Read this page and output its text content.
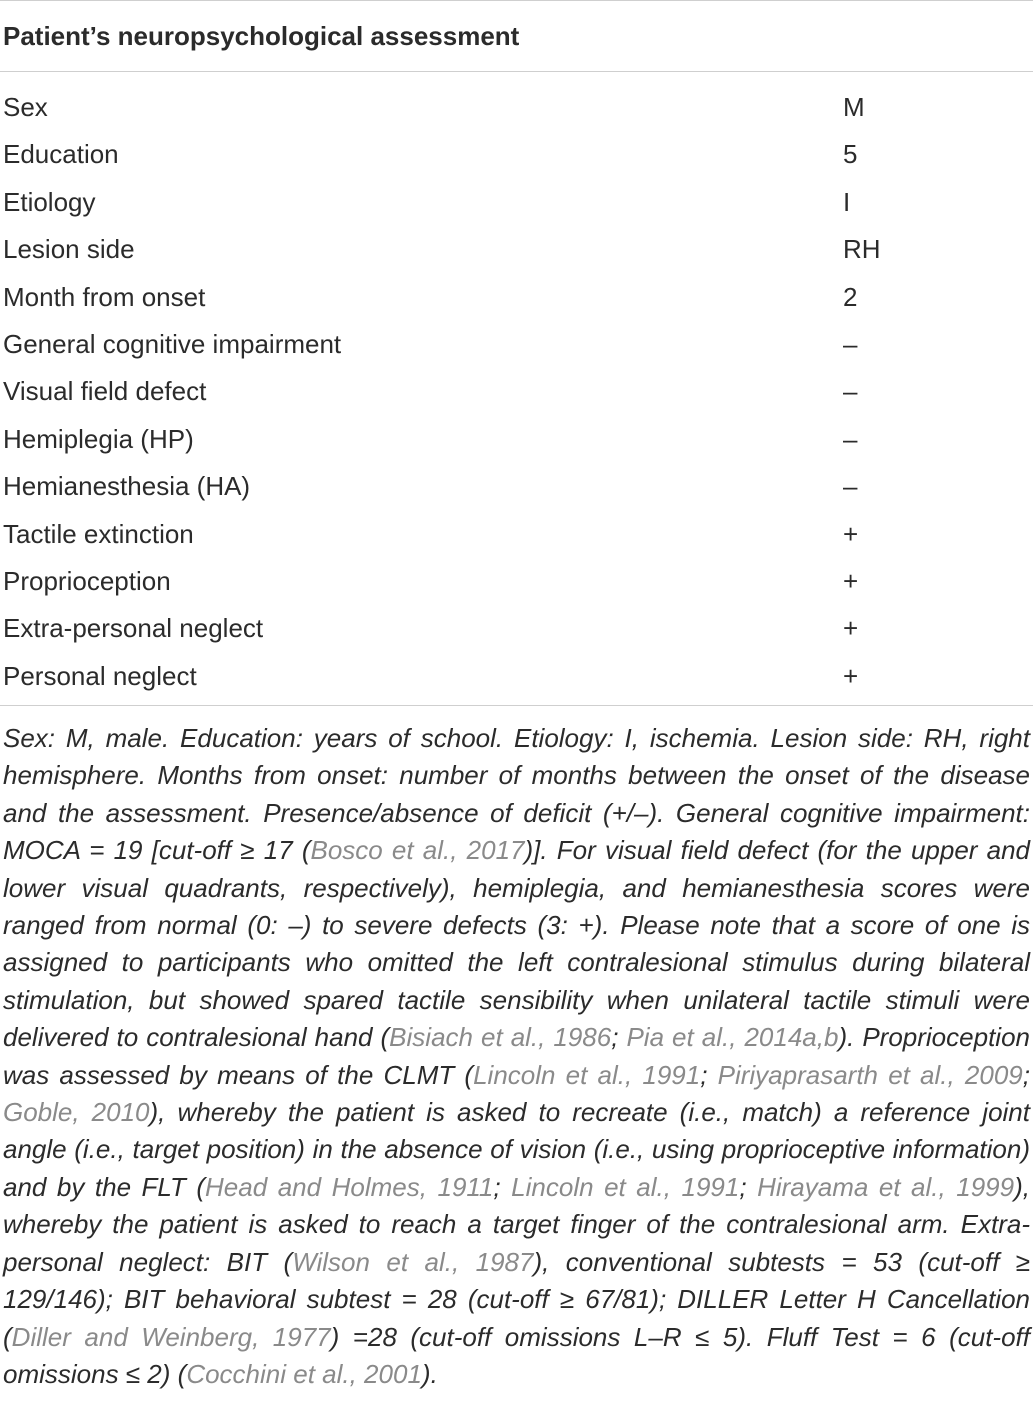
Patient’s neuropsychological assessment
Sex	M
Education	5
Etiology	I
Lesion side	RH
Month from onset	2
General cognitive impairment	–
Visual field defect	–
Hemiplegia (HP)	–
Hemianesthesia (HA)	–
Tactile extinction	+
Proprioception	+
Extra-personal neglect	+
Personal neglect	+
Sex: M, male. Education: years of school. Etiology: I, ischemia. Lesion side: RH, right hemisphere. Months from onset: number of months between the onset of the disease and the assessment. Presence/absence of deficit (+/–). General cognitive impairment: MOCA = 19 [cut-off ≥ 17 (Bosco et al., 2017)]. For visual field defect (for the upper and lower visual quadrants, respectively), hemiplegia, and hemianesthesia scores were ranged from normal (0: –) to severe defects (3: +). Please note that a score of one is assigned to participants who omitted the left contralesional stimulus during bilateral stimulation, but showed spared tactile sensibility when unilateral tactile stimuli were delivered to contralesional hand (Bisiach et al., 1986; Pia et al., 2014a,b). Proprioception was assessed by means of the CLMT (Lincoln et al., 1991; Piriyaprasarth et al., 2009; Goble, 2010), whereby the patient is asked to recreate (i.e., match) a reference joint angle (i.e., target position) in the absence of vision (i.e., using proprioceptive information) and by the FLT (Head and Holmes, 1911; Lincoln et al., 1991; Hirayama et al., 1999), whereby the patient is asked to reach a target finger of the contralesional arm. Extra-personal neglect: BIT (Wilson et al., 1987), conventional subtests = 53 (cut-off ≥ 129/146); BIT behavioral subtest = 28 (cut-off ≥ 67/81); DILLER Letter H Cancellation (Diller and Weinberg, 1977) =28 (cut-off omissions L–R ≤ 5). Fluff Test = 6 (cut-off omissions ≤ 2) (Cocchini et al., 2001).
